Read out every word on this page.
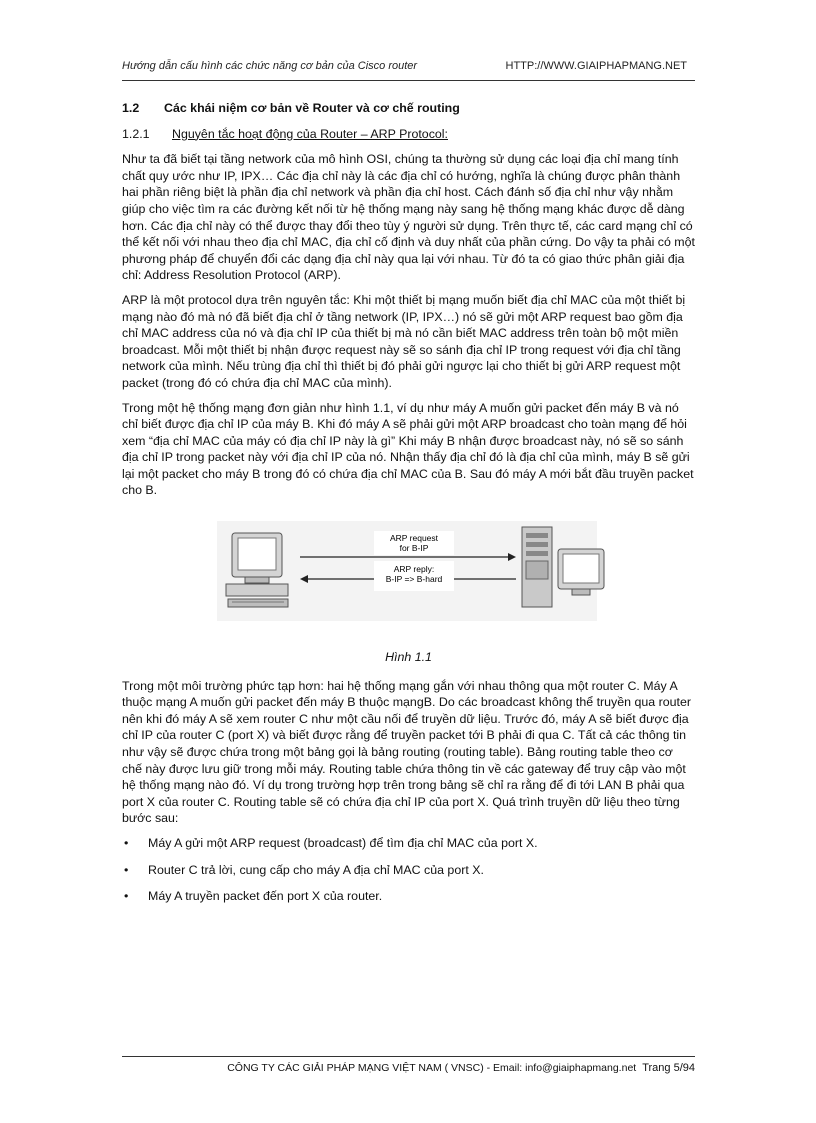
Hướng dẫn cấu hình các chức năng cơ bản của Cisco router	HTTP://WWW.GIAIPHAPMANG.NET
1.2 Các khái niệm cơ bản về Router và cơ chế routing
1.2.1 Nguyên tắc hoạt động của Router – ARP Protocol:

Như ta đã biết tại tầng network của mô hình OSI, chúng ta thường sử dụng các loại địa chỉ mang tính chất quy ước như IP, IPX… Các địa chỉ này là các địa chỉ có hướng, nghĩa là chúng được phân thành hai phần riêng biệt là phần địa chỉ network và phần địa chỉ host. Cách đánh số địa chỉ như vậy nhằm giúp cho việc tìm ra các đường kết nối từ hệ thống mạng này sang hệ thống mạng khác được dễ dàng hơn. Các địa chỉ này có thể được thay đổi theo tùy ý người sử dụng. Trên thực tế, các card mạng chỉ có thể kết nối với nhau theo địa chỉ MAC, địa chỉ cố định và duy nhất của phần cứng. Do vậy ta phải có một phương pháp để chuyển đổi các dạng địa chỉ này qua lại với nhau. Từ đó ta có giao thức phân giải địa chỉ: Address Resolution Protocol (ARP).

ARP là một protocol dựa trên nguyên tắc: Khi một thiết bị mạng muốn biết địa chỉ MAC của một thiết bị mạng nào đó mà nó đã biết địa chỉ ở tầng network (IP, IPX…) nó sẽ gửi một ARP request bao gồm địa chỉ MAC address của nó và địa chỉ IP của thiết bị mà nó cần biết MAC address trên toàn bộ một miền broadcast. Mỗi một thiết bị nhận được request này sẽ so sánh địa chỉ IP trong request với địa chỉ tầng network của mình. Nếu trùng địa chỉ thì thiết bị đó phải gửi ngược lại cho thiết bị gửi ARP request một packet (trong đó có chứa địa chỉ MAC của mình).

Trong một hệ thống mạng đơn giản như hình 1.1, ví dụ như máy A muốn gửi packet đến máy B và nó chỉ biết được địa chỉ IP của máy B. Khi đó máy A sẽ phải gửi một ARP broadcast cho toàn mạng để hỏi xem “địa chỉ MAC của máy có địa chỉ IP này là gì” Khi máy B nhận được broadcast này, nó sẽ so sánh địa chỉ IP trong packet này với địa chỉ IP của nó. Nhận thấy địa chỉ đó là địa chỉ của mình, máy B sẽ gửi lại một packet cho máy B trong đó có chứa địa chỉ MAC của B. Sau đó máy A mới bắt đầu truyền packet cho B.

ARP request
for B-IP
ARP reply:
B-IP => B-hard
Hình 1.1

Trong một môi trường phức tạp hơn: hai hệ thống mạng gắn với nhau thông qua một router C. Máy A thuộc mạng A muốn gửi packet đến máy B thuộc mạngB. Do các broadcast không thể truyền qua router nên khi đó máy A sẽ xem router C như một cầu nối để truyền dữ liệu. Trước đó, máy A sẽ biết được địa chỉ IP của router C (port X) và biết được rằng để truyền packet tới B phải đi qua C. Tất cả các thông tin như vậy sẽ được chứa trong một bảng gọi là bảng routing (routing table). Bảng routing table theo cơ chế này được lưu giữ trong mỗi máy. Routing table chứa thông tin về các gateway để truy cập vào một hệ thống mạng nào đó. Ví dụ trong trường hợp trên trong bảng sẽ chỉ ra rằng để đi tới LAN B phải qua port X của router C. Routing table sẽ có chứa địa chỉ IP của port X. Quá trình truyền dữ liệu theo từng bước sau:

• Máy A gửi một ARP request (broadcast) để tìm địa chỉ MAC của port X.
• Router C trả lời, cung cấp cho máy A địa chỉ MAC của port X.
• Máy A truyền packet đến port X của router.
CÔNG TY CÁC GIẢI PHÁP MẠNG VIỆT NAM ( VNSC) - Email: info@giaiphapmang.net Trang 5/94
